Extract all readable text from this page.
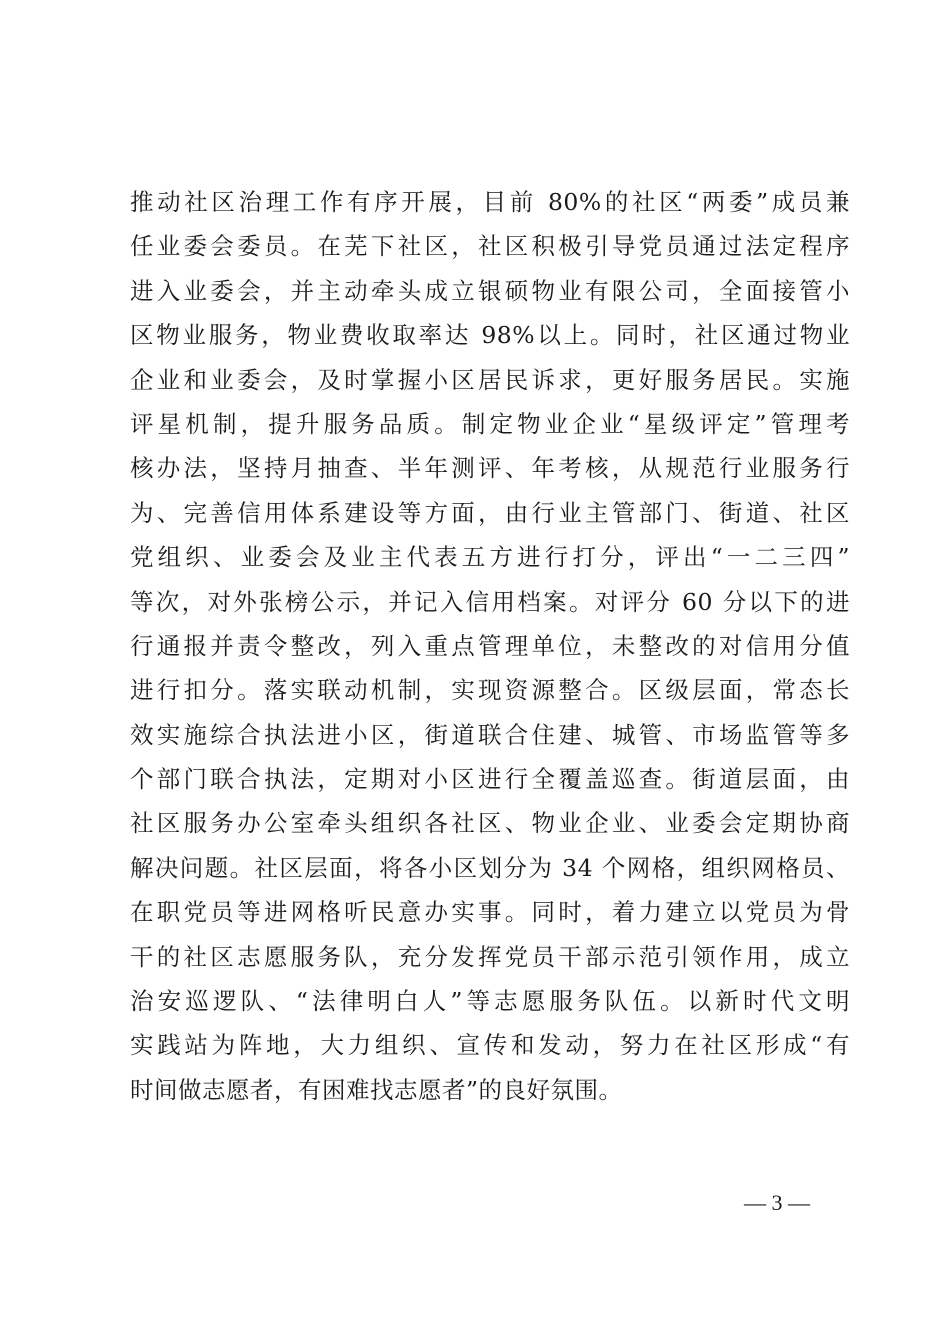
推动社区治理工作有序开展，目前 80%的社区“两委”成员兼
任业委会委员。在芜下社区，社区积极引导党员通过法定程序
进入业委会，并主动牵头成立银硕物业有限公司，全面接管小
区物业服务，物业费收取率达 98%以上。同时，社区通过物业
企业和业委会，及时掌握小区居民诉求，更好服务居民。实施
评星机制，提升服务品质。制定物业企业“星级评定”管理考
核办法，坚持月抽查、半年测评、年考核，从规范行业服务行
为、完善信用体系建设等方面，由行业主管部门、街道、社区
党组织、业委会及业主代表五方进行打分，评出“一二三四”
等次，对外张榜公示，并记入信用档案。对评分 60 分以下的进
行通报并责令整改，列入重点管理单位，未整改的对信用分值
进行扣分。落实联动机制，实现资源整合。区级层面，常态长
效实施综合执法进小区，街道联合住建、城管、市场监管等多
个部门联合执法，定期对小区进行全覆盖巡查。街道层面，由
社区服务办公室牵头组织各社区、物业企业、业委会定期协商
解决问题。社区层面，将各小区划分为 34 个网格，组织网格员、
在职党员等进网格听民意办实事。同时，着力建立以党员为骨
干的社区志愿服务队，充分发挥党员干部示范引领作用，成立
治安巡逻队、“法律明白人”等志愿服务队伍。以新时代文明
实践站为阵地，大力组织、宣传和发动，努力在社区形成“有
时间做志愿者，有困难找志愿者”的良好氛围。
— 3 —
